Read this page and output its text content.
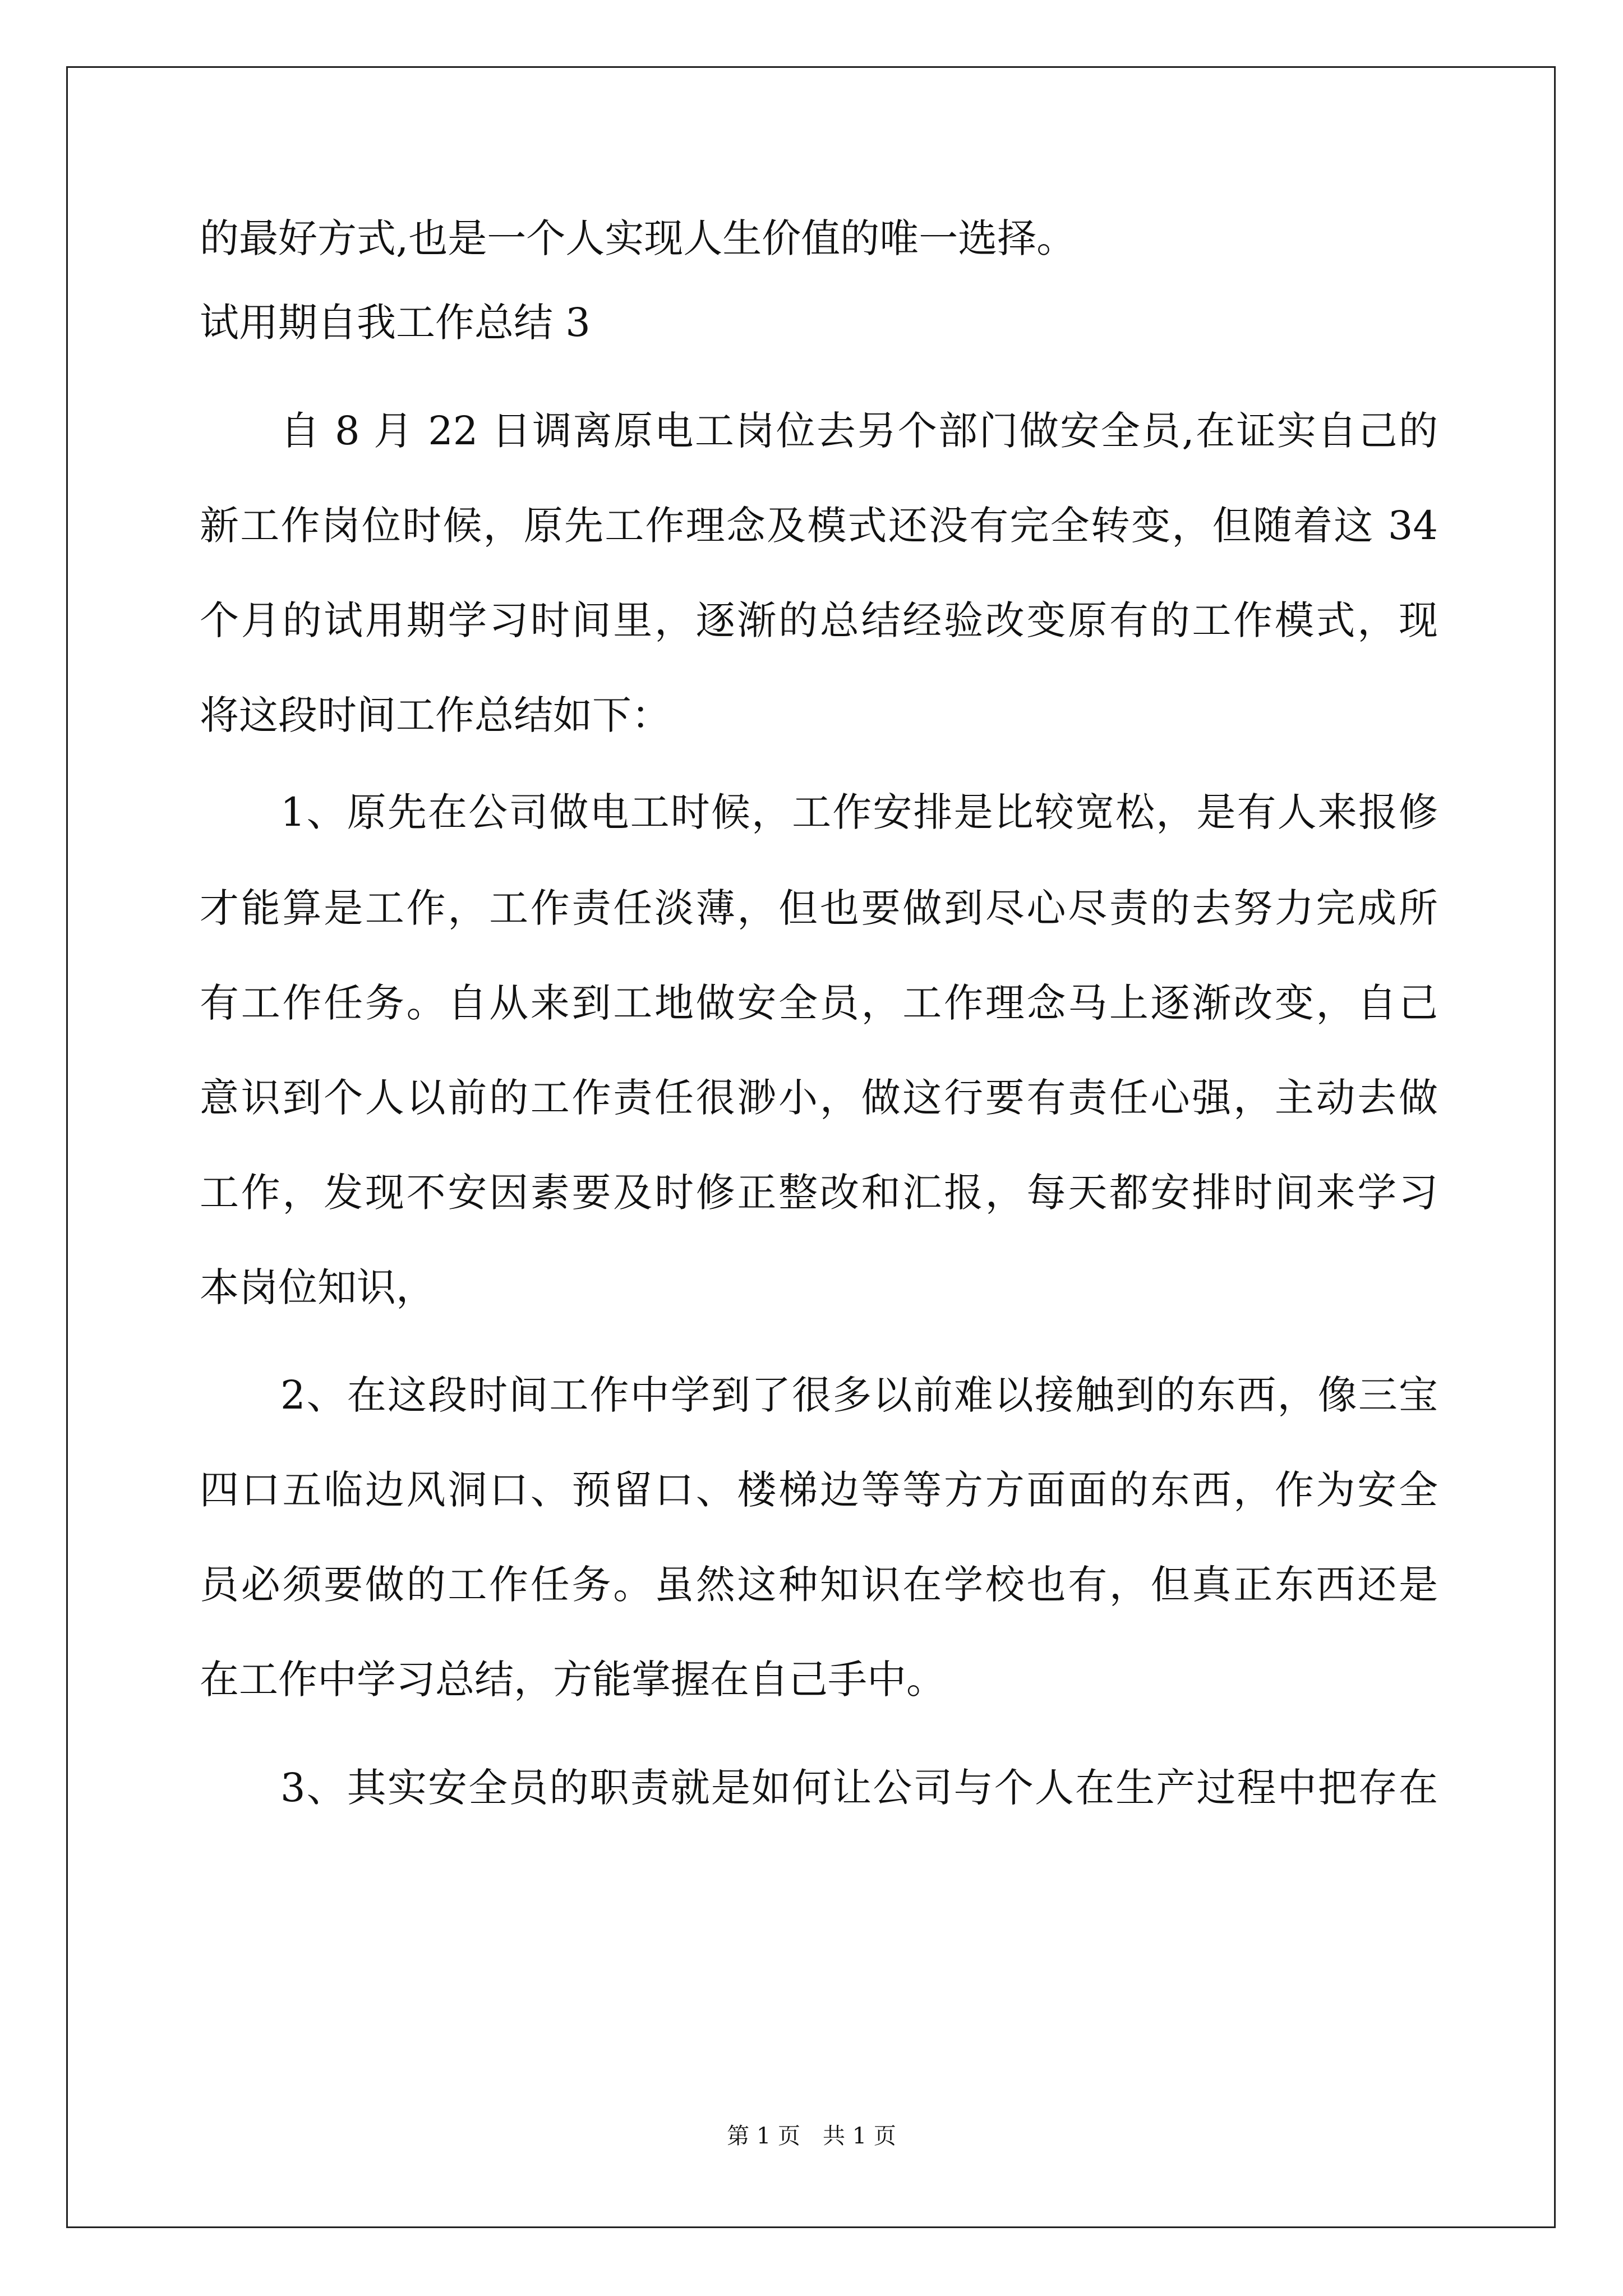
的最好方式,也是一个人实现人生价值的唯一选择。
试用期自我工作总结 3
自 8 月 22 日调离原电工岗位去另个部门做安全员,在证实自己的
新工作岗位时候，原先工作理念及模式还没有完全转变，但随着这 34
个月的试用期学习时间里，逐渐的总结经验改变原有的工作模式，现
将这段时间工作总结如下：
1、原先在公司做电工时候，工作安排是比较宽松，是有人来报修
才能算是工作，工作责任淡薄，但也要做到尽心尽责的去努力完成所
有工作任务。自从来到工地做安全员，工作理念马上逐渐改变，自己
意识到个人以前的工作责任很渺小，做这行要有责任心强，主动去做
工作，发现不安因素要及时修正整改和汇报，每天都安排时间来学习
本岗位知识，
2、在这段时间工作中学到了很多以前难以接触到的东西，像三宝
四口五临边风洞口、预留口、楼梯边等等方方面面的东西，作为安全
员必须要做的工作任务。虽然这种知识在学校也有，但真正东西还是
在工作中学习总结，方能掌握在自己手中。
3、其实安全员的职责就是如何让公司与个人在生产过程中把存在
第 1 页 共 1 页
